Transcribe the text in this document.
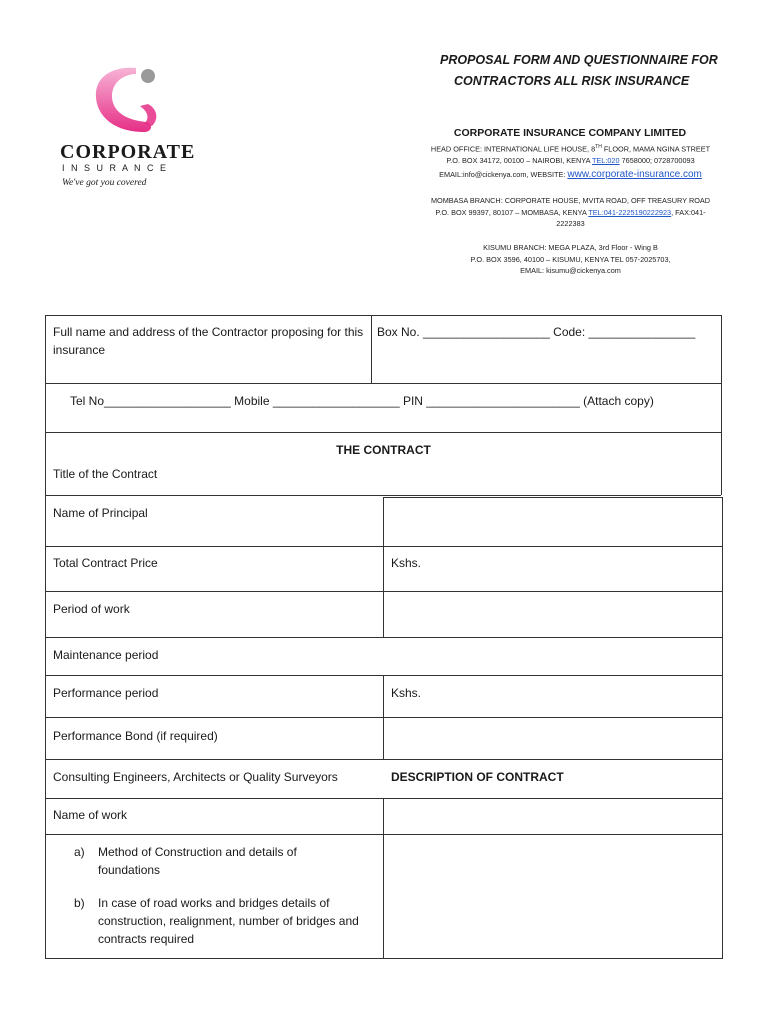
PROPOSAL FORM AND QUESTIONNAIRE FOR
CONTRACTORS ALL RISK INSURANCE
CORPORATE
I N S U R A N C E
We've got you covered
CORPORATE INSURANCE COMPANY LIMITED
HEAD OFFICE: INTERNATIONAL LIFE HOUSE, 8TH FLOOR, MAMA NGINA STREET
P.O. BOX 34172, 00100 – NAIROBI, KENYA TEL:020 7658000; 0728700093
EMAIL:info@cickenya.com, WEBSITE: www.corporate-insurance.com
MOMBASA BRANCH: CORPORATE HOUSE, MVITA ROAD, OFF TREASURY ROAD
P.O. BOX 99397, 80107 – MOMBASA, KENYA TEL:041-2225190222923, FAX:041-
2222383
KISUMU BRANCH: MEGA PLAZA, 3rd Floor - Wing B
P.O. BOX 3596, 40100 – KISUMU, KENYA TEL 057-2025703,
EMAIL: kisumu@cickenya.com
Full name and address of the Contractor proposing for this insurance
Box No. ___________________ Code: ________________
Tel No___________________ Mobile ___________________ PIN _______________________ (Attach copy)
THE CONTRACT
Title of the Contract
Name of Principal
Total Contract Price	Kshs.
Period of work
Maintenance period
Performance period	Kshs.
Performance Bond (if required)
Consulting Engineers, Architects or Quality Surveyors	DESCRIPTION OF CONTRACT
Name of work
a) Method of Construction and details of foundations
b) In case of road works and bridges details of construction, realignment, number of bridges and contracts required
